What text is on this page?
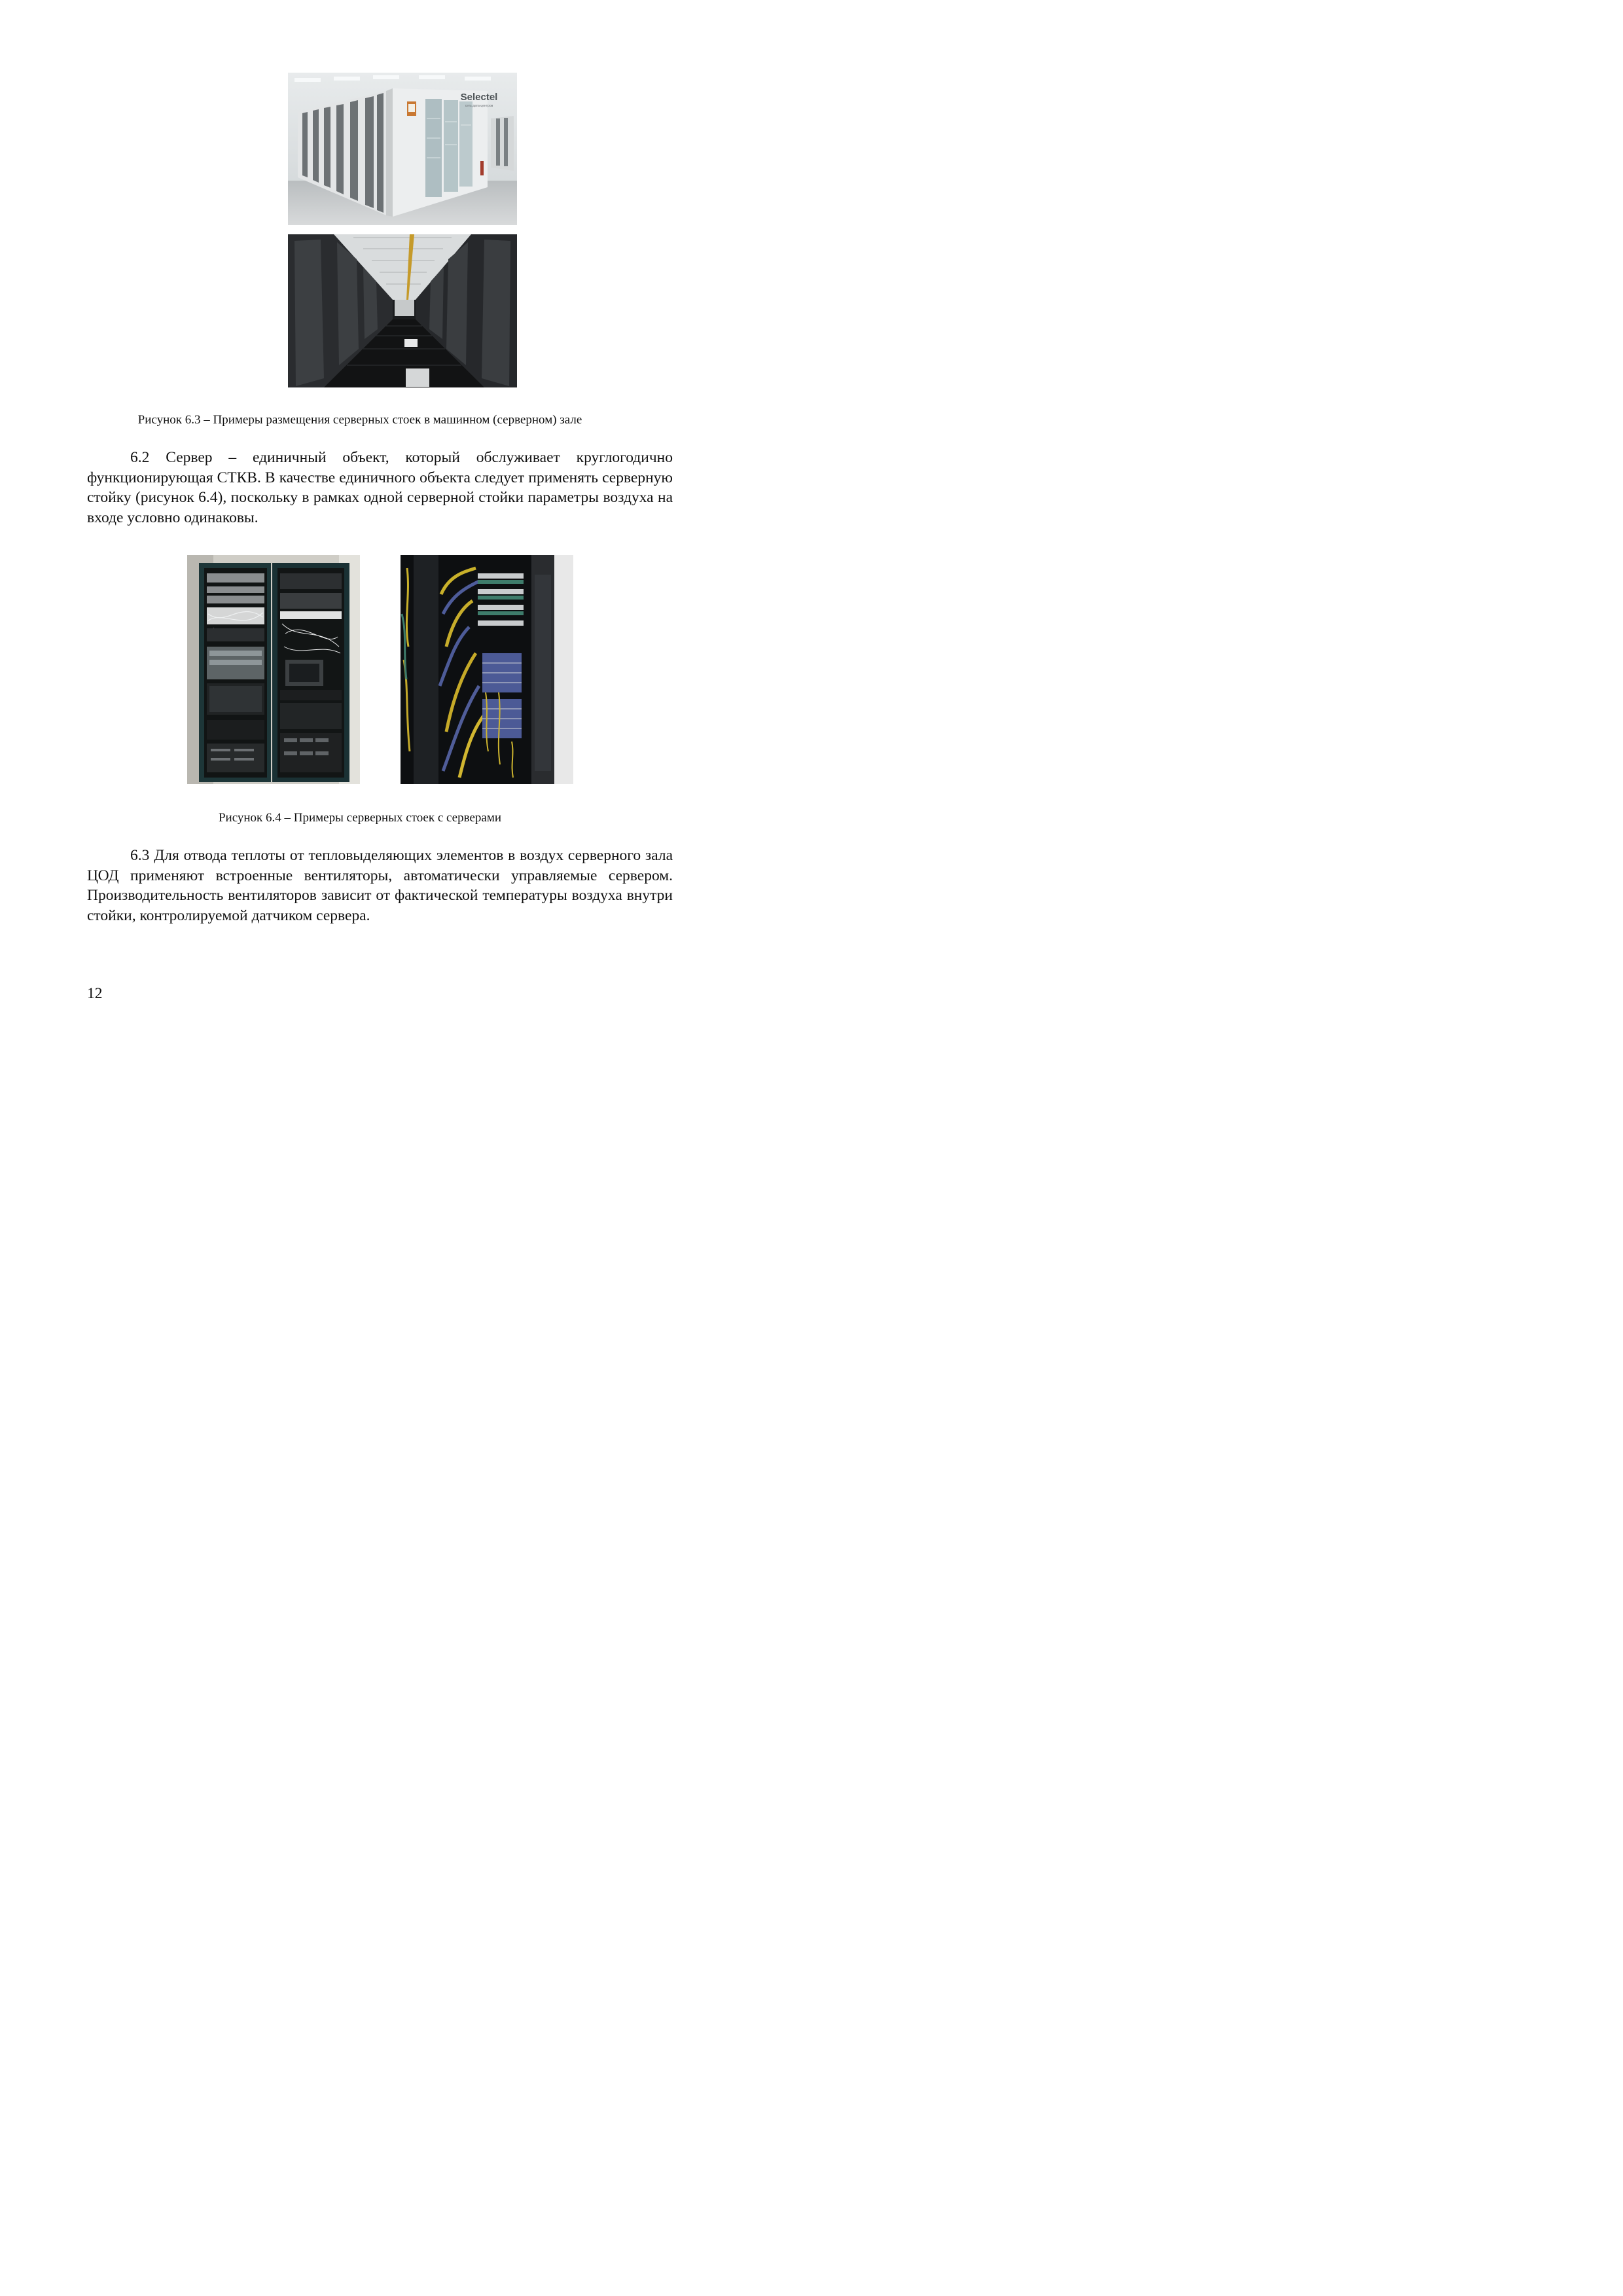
Selectel
сеть дата-центров
Рисунок 6.3 – Примеры размещения серверных стоек в машинном (серверном) зале

6.2 Сервер – единичный объект, который обслуживает круглогодично функционирующая СТКВ. В качестве единичного объекта следует применять серверную стойку (рисунок 6.4), поскольку в рамках одной серверной стойки параметры воздуха на входе условно одинаковы.

Рисунок 6.4 – Примеры серверных стоек с серверами

6.3 Для отвода теплоты от тепловыделяющих элементов в воздух серверного зала ЦОД применяют встроенные вентиляторы, автоматически управляемые сервером. Производительность вентиляторов зависит от фактической температуры воздуха внутри стойки, контролируемой датчиком сервера.

12
